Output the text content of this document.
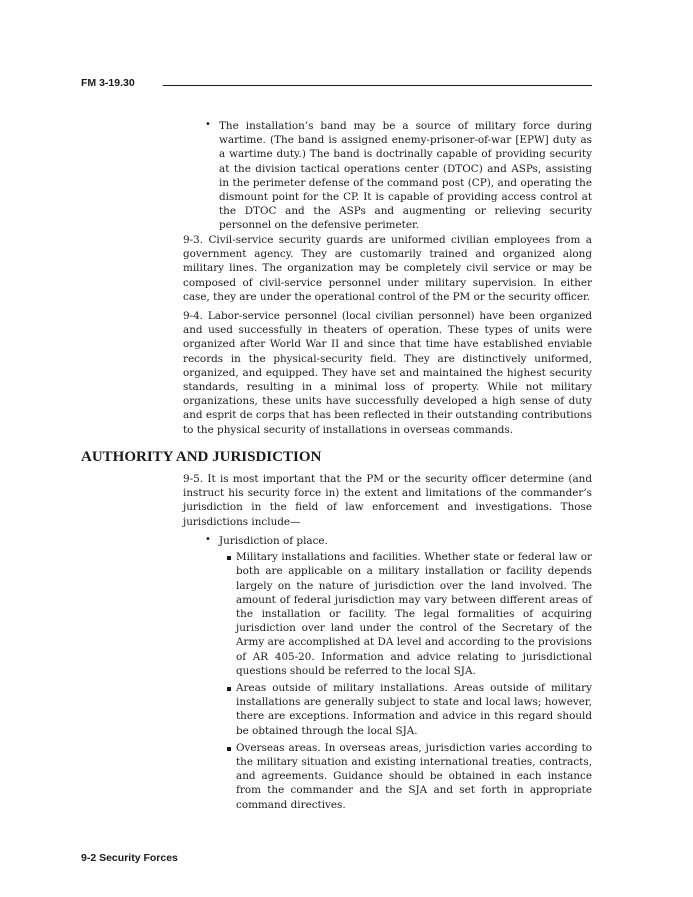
FM 3-19.30
• The installation’s band may be a source of military force during wartime. (The band is assigned enemy-prisoner-of-war [EPW] duty as a wartime duty.) The band is doctrinally capable of providing security at the division tactical operations center (DTOC) and ASPs, assisting in the perimeter defense of the command post (CP), and operating the dismount point for the CP. It is capable of providing access control at the DTOC and the ASPs and augmenting or relieving security personnel on the defensive perimeter.

9-3. Civil-service security guards are uniformed civilian employees from a government agency. They are customarily trained and organized along military lines. The organization may be completely civil service or may be composed of civil-service personnel under military supervision. In either case, they are under the operational control of the PM or the security officer.

9-4. Labor-service personnel (local civilian personnel) have been organized and used successfully in theaters of operation. These types of units were organized after World War II and since that time have established enviable records in the physical-security field. They are distinctively uniformed, organized, and equipped. They have set and maintained the highest security standards, resulting in a minimal loss of property. While not military organizations, these units have successfully developed a high sense of duty and esprit de corps that has been reflected in their outstanding contributions to the physical security of installations in overseas commands.

AUTHORITY AND JURISDICTION

9-5. It is most important that the PM or the security officer determine (and instruct his security force in) the extent and limitations of the commander’s jurisdiction in the field of law enforcement and investigations. Those jurisdictions include—

• Jurisdiction of place.

Military installations and facilities. Whether state or federal law or both are applicable on a military installation or facility depends largely on the nature of jurisdiction over the land involved. The amount of federal jurisdiction may vary between different areas of the installation or facility. The legal formalities of acquiring jurisdiction over land under the control of the Secretary of the Army are accomplished at DA level and according to the provisions of AR 405-20. Information and advice relating to jurisdictional questions should be referred to the local SJA.

Areas outside of military installations. Areas outside of military installations are generally subject to state and local laws; however, there are exceptions. Information and advice in this regard should be obtained through the local SJA.

Overseas areas. In overseas areas, jurisdiction varies according to the military situation and existing international treaties, contracts, and agreements. Guidance should be obtained in each instance from the commander and the SJA and set forth in appropriate command directives.

9-2 Security Forces
